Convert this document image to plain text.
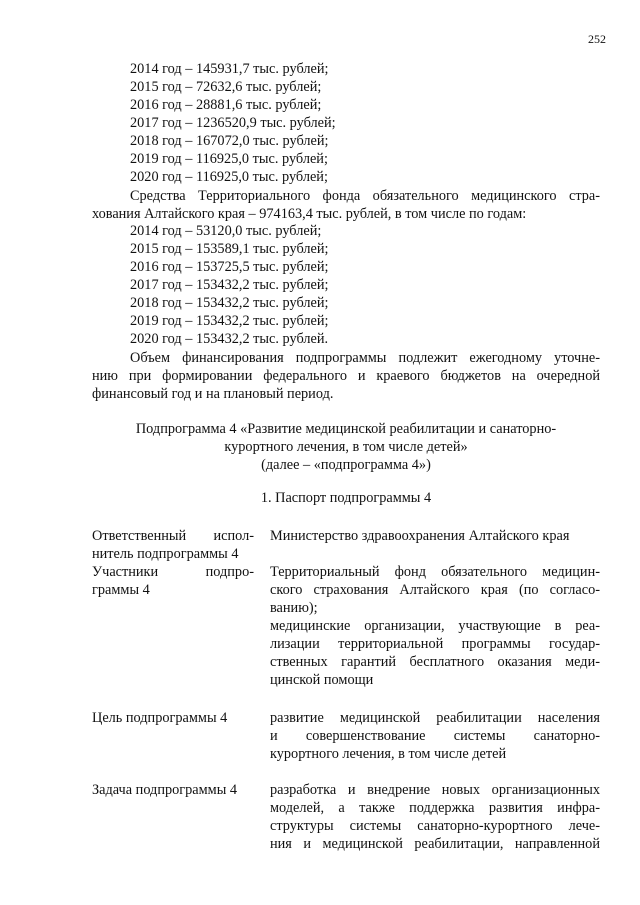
252
2014 год – 145931,7 тыс. рублей;
2015 год – 72632,6 тыс. рублей;
2016 год – 28881,6 тыс. рублей;
2017 год – 1236520,9 тыс. рублей;
2018 год – 167072,0 тыс. рублей;
2019 год – 116925,0 тыс. рублей;
2020 год – 116925,0 тыс. рублей;
Средства Территориального фонда обязательного медицинского стра-
хования Алтайского края – 974163,4 тыс. рублей, в том числе по годам:
2014 год – 53120,0 тыс. рублей;
2015 год – 153589,1 тыс. рублей;
2016 год – 153725,5 тыс. рублей;
2017 год – 153432,2 тыс. рублей;
2018 год – 153432,2 тыс. рублей;
2019 год – 153432,2 тыс. рублей;
2020 год – 153432,2 тыс. рублей.
Объем финансирования подпрограммы подлежит ежегодному уточне-
нию при формировании федерального и краевого бюджетов на очередной
финансовый год и на плановый период.
Подпрограмма 4 «Развитие медицинской реабилитации и санаторно-
курортного лечения, в том числе детей»
(далее – «подпрограмма 4»)
1. Паспорт подпрограммы 4
Ответственный испол-
нитель подпрограммы 4
Министерство здравоохранения Алтайского края
Участники подпро-
граммы 4
Территориальный фонд обязательного медицин-
ского страхования Алтайского края (по согласо-
ванию);
медицинские организации, участвующие в реа-
лизации территориальной программы государ-
ственных гарантий бесплатного оказания меди-
цинской помощи
Цель подпрограммы 4	развитие медицинской реабилитации населения
и совершенствование системы санаторно-
курортного лечения, в том числе детей
Задача подпрограммы 4	разработка и внедрение новых организационных
моделей, а также поддержка развития инфра-
структуры системы санаторно-курортного лече-
ния и медицинской реабилитации, направленной
